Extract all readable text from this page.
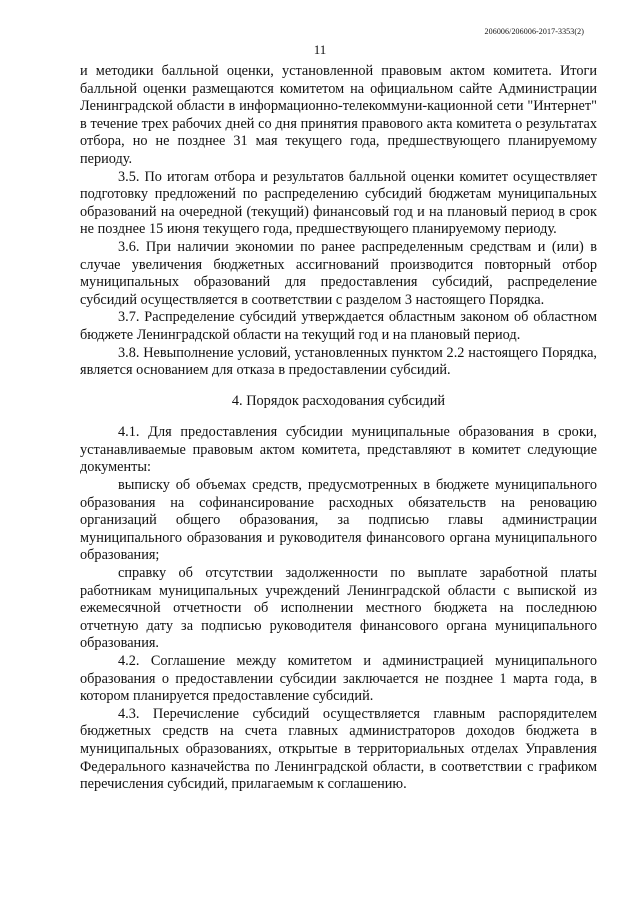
206006/206006-2017-3353(2)
11

и методики балльной оценки, установленной правовым актом комитета. Итоги балльной оценки размещаются комитетом на официальном сайте Администрации Ленинградской области в информационно-телекоммуни-кационной сети "Интернет" в течение трех рабочих дней со дня принятия правового акта комитета о результатах отбора, но не позднее 31 мая текущего года, предшествующего планируемому периоду.

3.5. По итогам отбора и результатов балльной оценки комитет осуществляет подготовку предложений по распределению субсидий бюджетам муниципальных образований на очередной (текущий) финансовый год и на плановый период в срок не позднее 15 июня текущего года, предшествующего планируемому периоду.

3.6. При наличии экономии по ранее распределенным средствам и (или) в случае увеличения бюджетных ассигнований производится повторный отбор муниципальных образований для предоставления субсидий, распределение субсидий осуществляется в соответствии с разделом 3 настоящего Порядка.

3.7. Распределение субсидий утверждается областным законом об областном бюджете Ленинградской области на текущий год и на плановый период.

3.8. Невыполнение условий, установленных пунктом 2.2 настоящего Порядка, является основанием для отказа в предоставлении субсидий.

4. Порядок расходования субсидий

4.1. Для предоставления субсидии муниципальные образования в сроки, устанавливаемые правовым актом комитета, представляют в комитет следующие документы:

выписку об объемах средств, предусмотренных в бюджете муниципального образования на софинансирование расходных обязательств на реновацию организаций общего образования, за подписью главы администрации муниципального образования и руководителя финансового органа муниципального образования;

справку об отсутствии задолженности по выплате заработной платы работникам муниципальных учреждений Ленинградской области с выпиской из ежемесячной отчетности об исполнении местного бюджета на последнюю отчетную дату за подписью руководителя финансового органа муниципального образования.

4.2. Соглашение между комитетом и администрацией муниципального образования о предоставлении субсидии заключается не позднее 1 марта года, в котором планируется предоставление субсидий.

4.3. Перечисление субсидий осуществляется главным распорядителем бюджетных средств на счета главных администраторов доходов бюджета в муниципальных образованиях, открытые в территориальных отделах Управления Федерального казначейства по Ленинградской области, в соответствии с графиком перечисления субсидий, прилагаемым к соглашению.
